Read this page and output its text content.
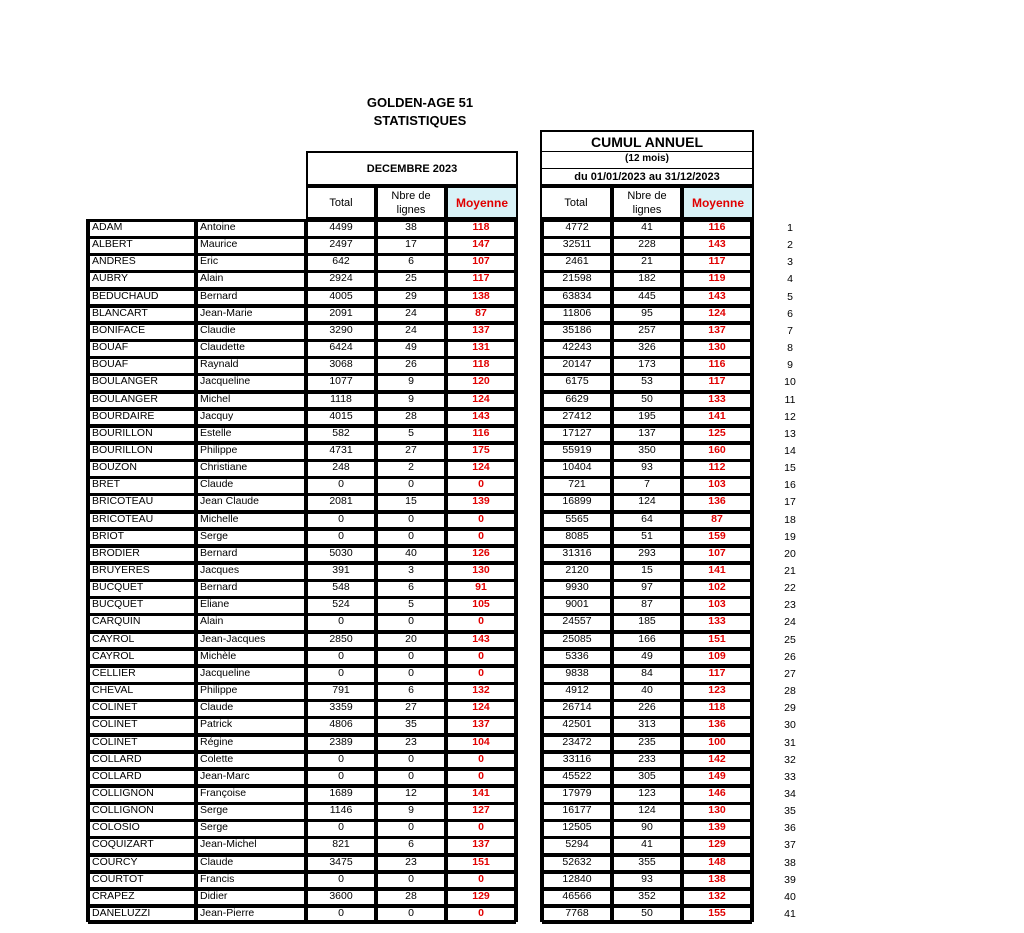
GOLDEN-AGE 51
STATISTIQUES
DECEMBRE 2023
Total
Nbre de
lignes	Moyenne
CUMUL ANNUEL
(12 mois)
du 01/01/2023 au 31/12/2023
Total
Nbre de
lignes	Moyenne
ADAM	Antoine	4499	38	118	4772	41	116	1
ALBERT	Maurice	2497	17	147	32511	228	143	2
ANDRES	Eric	642	6	107	2461	21	117	3
AUBRY	Alain	2924	25	117	21598	182	119	4
BEDUCHAUD	Bernard	4005	29	138	63834	445	143	5
BLANCART	Jean-Marie	2091	24	87	11806	95	124	6
BONIFACE	Claudie	3290	24	137	35186	257	137	7
BOUAF	Claudette	6424	49	131	42243	326	130	8
BOUAF	Raynald	3068	26	118	20147	173	116	9
BOULANGER	Jacqueline	1077	9	120	6175	53	117	10
BOULANGER	Michel	1118	9	124	6629	50	133	11
BOURDAIRE	Jacquy	4015	28	143	27412	195	141	12
BOURILLON	Estelle	582	5	116	17127	137	125	13
BOURILLON	Philippe	4731	27	175	55919	350	160	14
BOUZON	Christiane	248	2	124	10404	93	112	15
BRET	Claude	0	0	0	721	7	103	16
BRICOTEAU	Jean Claude	2081	15	139	16899	124	136	17
BRICOTEAU	Michelle	0	0	0	5565	64	87	18
BRIOT	Serge	0	0	0	8085	51	159	19
BRODIER	Bernard	5030	40	126	31316	293	107	20
BRUYERES	Jacques	391	3	130	2120	15	141	21
BUCQUET	Bernard	548	6	91	9930	97	102	22
BUCQUET	Eliane	524	5	105	9001	87	103	23
CARQUIN	Alain	0	0	0	24557	185	133	24
CAYROL	Jean-Jacques	2850	20	143	25085	166	151	25
CAYROL	Michèle	0	0	0	5336	49	109	26
CELLIER	Jacqueline	0	0	0	9838	84	117	27
CHEVAL	Philippe	791	6	132	4912	40	123	28
COLINET	Claude	3359	27	124	26714	226	118	29
COLINET	Patrick	4806	35	137	42501	313	136	30
COLINET	Régine	2389	23	104	23472	235	100	31
COLLARD	Colette	0	0	0	33116	233	142	32
COLLARD	Jean-Marc	0	0	0	45522	305	149	33
COLLIGNON	Françoise	1689	12	141	17979	123	146	34
COLLIGNON	Serge	1146	9	127	16177	124	130	35
COLOSIO	Serge	0	0	0	12505	90	139	36
COQUIZART	Jean-Michel	821	6	137	5294	41	129	37
COURCY	Claude	3475	23	151	52632	355	148	38
COURTOT	Francis	0	0	0	12840	93	138	39
CRAPEZ	Didier	3600	28	129	46566	352	132	40
DANELUZZI	Jean-Pierre	0	0	0	7768	50	155	41
